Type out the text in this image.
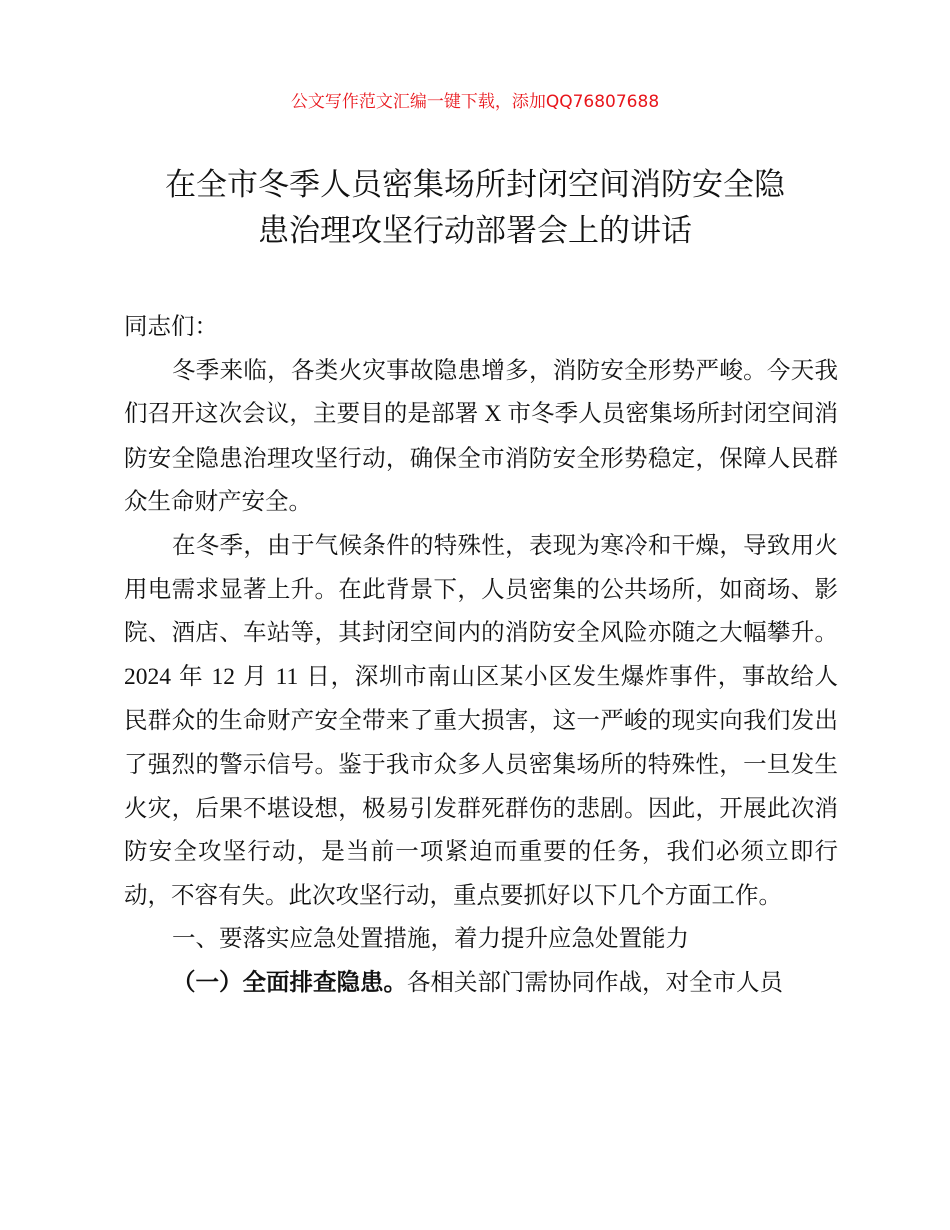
公文写作范文汇编一键下载，添加QQ76807688
在全市冬季人员密集场所封闭空间消防安全隐
患治理攻坚行动部署会上的讲话

同志们：

冬季来临，各类火灾事故隐患增多，消防安全形势严峻。今天我们召开这次会议，主要目的是部署 X 市冬季人员密集场所封闭空间消防安全隐患治理攻坚行动，确保全市消防安全形势稳定，保障人民群众生命财产安全。

在冬季，由于气候条件的特殊性，表现为寒冷和干燥，导致用火用电需求显著上升。在此背景下，人员密集的公共场所，如商场、影院、酒店、车站等，其封闭空间内的消防安全风险亦随之大幅攀升。2024 年 12 月 11 日，深圳市南山区某小区发生爆炸事件，事故给人民群众的生命财产安全带来了重大损害，这一严峻的现实向我们发出了强烈的警示信号。鉴于我市众多人员密集场所的特殊性，一旦发生火灾，后果不堪设想，极易引发群死群伤的悲剧。因此，开展此次消防安全攻坚行动，是当前一项紧迫而重要的任务，我们必须立即行动，不容有失。此次攻坚行动，重点要抓好以下几个方面工作。

一、要落实应急处置措施，着力提升应急处置能力

（一）全面排查隐患。各相关部门需协同作战，对全市人员
